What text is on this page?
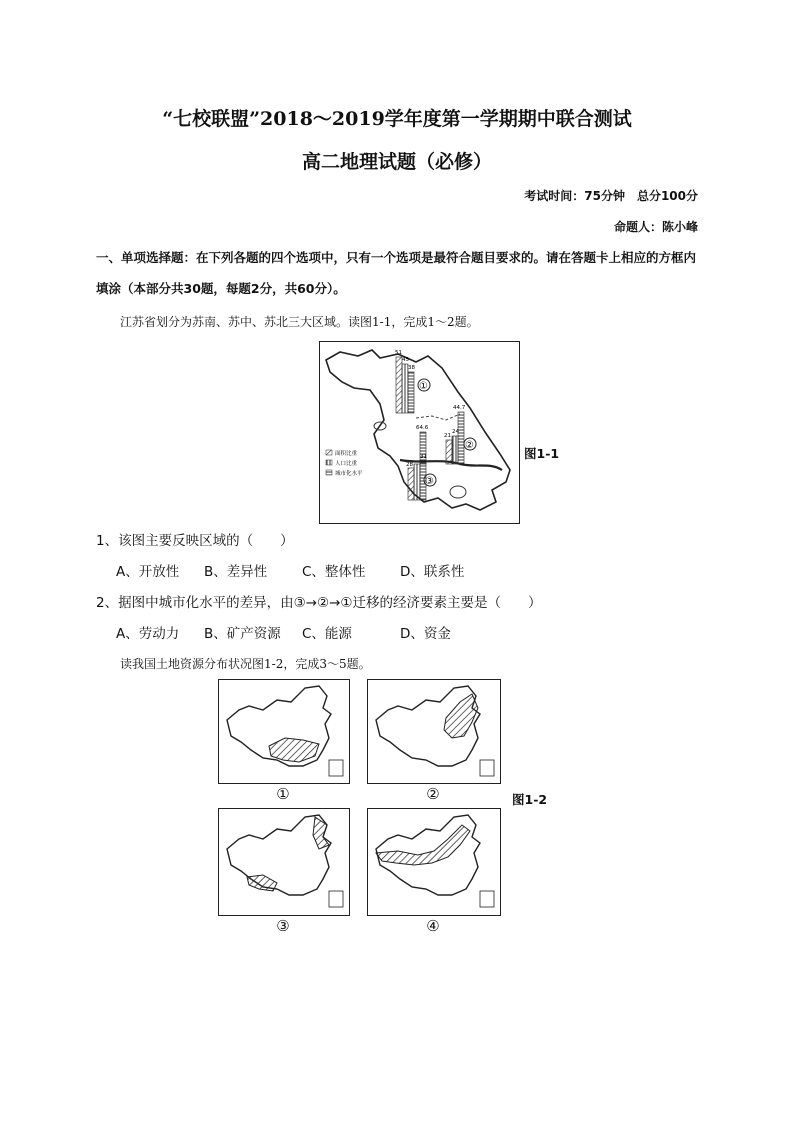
“七校联盟”2018～2019学年度第一学期期中联合测试
高二地理试题（必修）
考试时间：75分钟　总分100分
命题人：陈小峰
一、单项选择题：在下列各题的四个选项中，只有一个选项是最符合题目要求的。请在答题卡上相应的方框内填涂（本部分共30题，每题2分，共60分）。
江苏省划分为苏南、苏中、苏北三大区域。读图1-1，完成1～2题。
面积比重
人口比重
城市化水平
①
②
③
51
45
38
44.7
64.6
21
24
28
31	图1-1
1、该图主要反映区域的（　　）
A、开放性 B、差异性	C、整体性	D、联系性
2、据图中城市化水平的差异，由③→②→①迁移的经济要素主要是（　　）
A、劳动力 B、矿产资源 C、能源	D、资金
读我国土地资源分布状况图1-2，完成3～5题。
①	②	图1-2
③	④
